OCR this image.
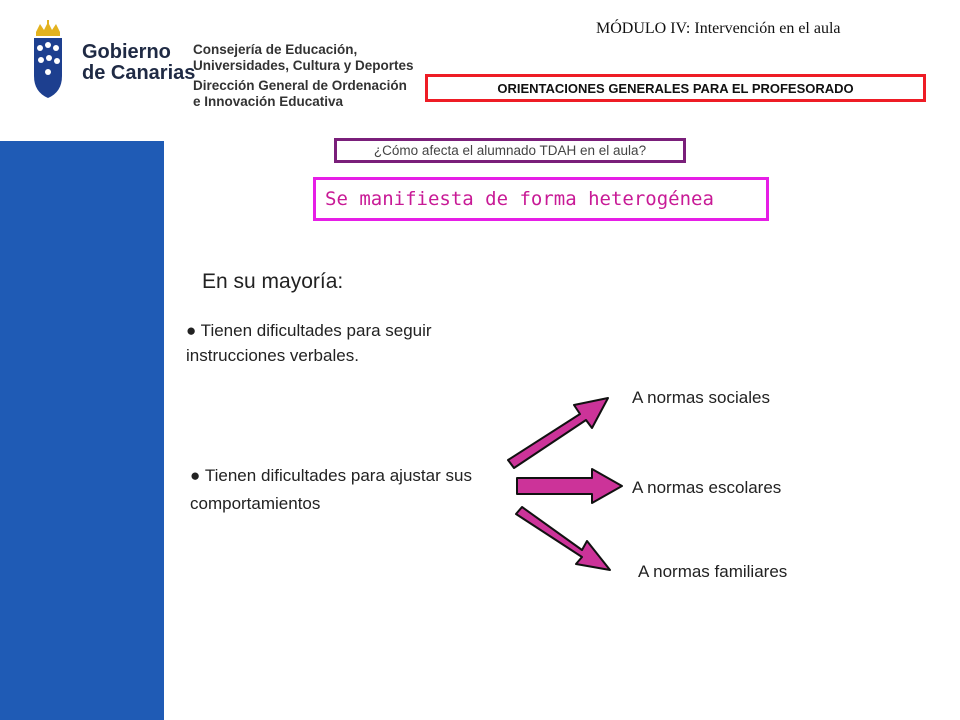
Gobierno
de Canarias
Consejería de Educación,
Universidades, Cultura y Deportes
Dirección General de Ordenación
e Innovación Educativa
MÓDULO IV: Intervención en el aula
ORIENTACIONES GENERALES PARA EL PROFESORADO
¿Cómo afecta el alumnado TDAH en el aula?
Se manifiesta de forma heterogénea
En su mayoría:
● Tienen dificultades para seguir instrucciones verbales.
● Tienen dificultades para ajustar sus comportamientos
A normas sociales
A normas escolares
A normas familiares
